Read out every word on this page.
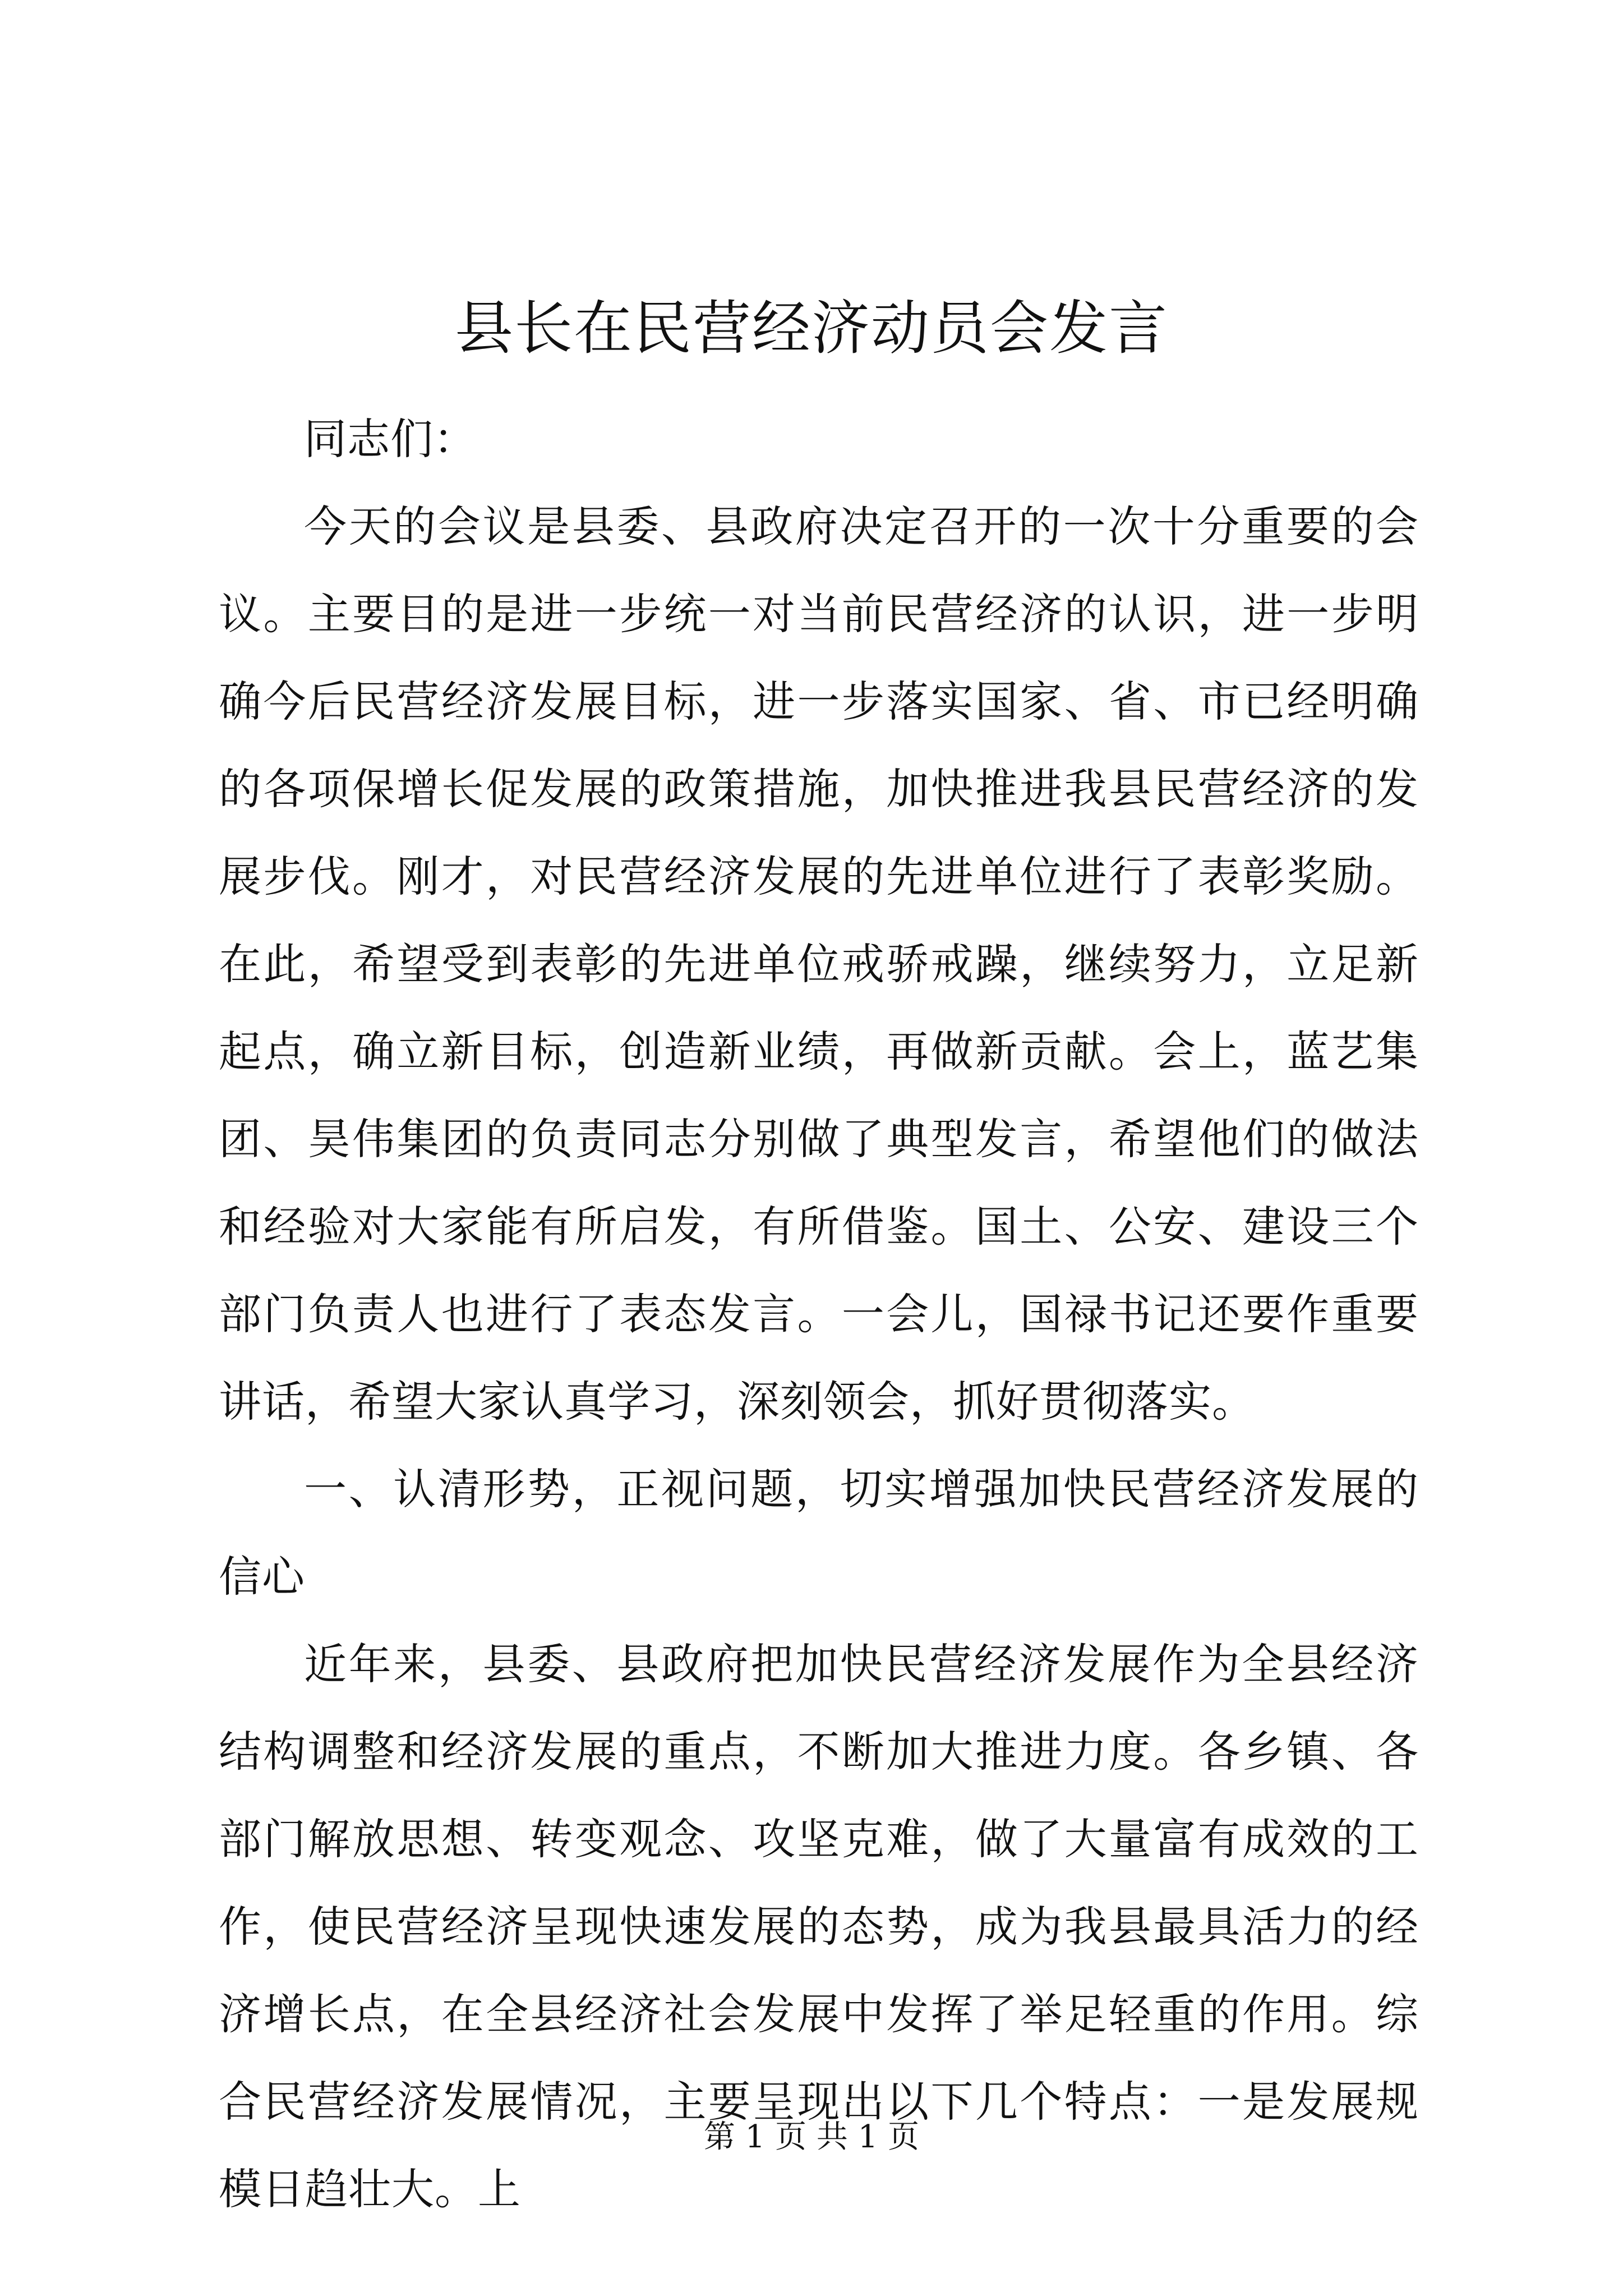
县长在民营经济动员会发言

同志们：

今天的会议是县委、县政府决定召开的一次十分重要的会议。主要目的是进一步统一对当前民营经济的认识，进一步明确今后民营经济发展目标，进一步落实国家、省、市已经明确的各项保增长促发展的政策措施，加快推进我县民营经济的发展步伐。刚才，对民营经济发展的先进单位进行了表彰奖励。在此，希望受到表彰的先进单位戒骄戒躁，继续努力，立足新起点，确立新目标，创造新业绩，再做新贡献。会上，蓝艺集团、昊伟集团的负责同志分别做了典型发言，希望他们的做法和经验对大家能有所启发，有所借鉴。国土、公安、建设三个部门负责人也进行了表态发言。一会儿，国禄书记还要作重要讲话，希望大家认真学习，深刻领会，抓好贯彻落实。

一、认清形势，正视问题，切实增强加快民营经济发展的信心

近年来，县委、县政府把加快民营经济发展作为全县经济结构调整和经济发展的重点，不断加大推进力度。各乡镇、各部门解放思想、转变观念、攻坚克难，做了大量富有成效的工作，使民营经济呈现快速发展的态势，成为我县最具活力的经济增长点，在全县经济社会发展中发挥了举足轻重的作用。综合民营经济发展情况，主要呈现出以下几个特点：一是发展规模日趋壮大。上

第 1 页 共 1 页
